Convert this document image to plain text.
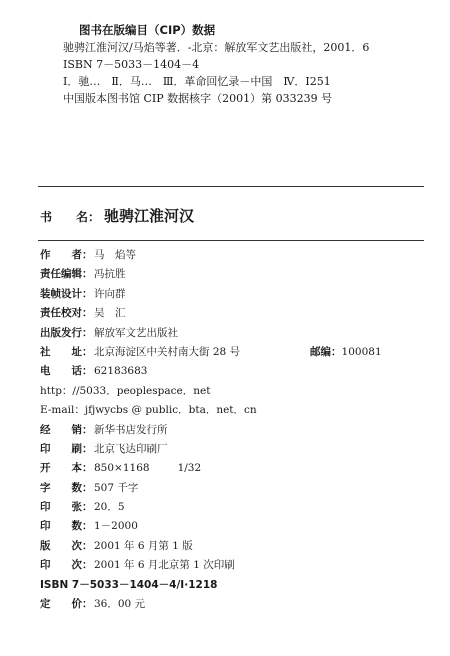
图书在版编目（CIP）数据
驰骋江淮河汉/马焰等著．-北京：解放军文艺出版社，2001．6
ISBN 7－5033－1404－4
Ⅰ．驰…　Ⅱ．马…　Ⅲ．革命回忆录－中国　Ⅳ．Ⅰ251
中国版本图书馆 CIP 数据核字（2001）第 033239 号
书　　名： 驰骋江淮河汉
作　　者： 马　焰等
责任编辑： 冯抗胜
装帧设计： 许向群
责任校对： 吴　汇
出版发行： 解放军文艺出版社
社　　址： 北京海淀区中关村南大街 28 号	邮编：100081
电　　话： 62183683
http：//5033．peoplespace．net
E-mail：jfjwycbs @ public．bta．net．cn
经　　销： 新华书店发行所
印　　刷： 北京飞达印刷厂
开　　本： 850×1168	1/32
字　　数： 507 千字
印　　张： 20．5
印　　数： 1－2000
版　　次： 2001 年 6 月第 1 版
印　　次： 2001 年 6 月北京第 1 次印刷
ISBN 7－5033－1404－4/Ⅰ·1218
定　　价： 36．00 元
